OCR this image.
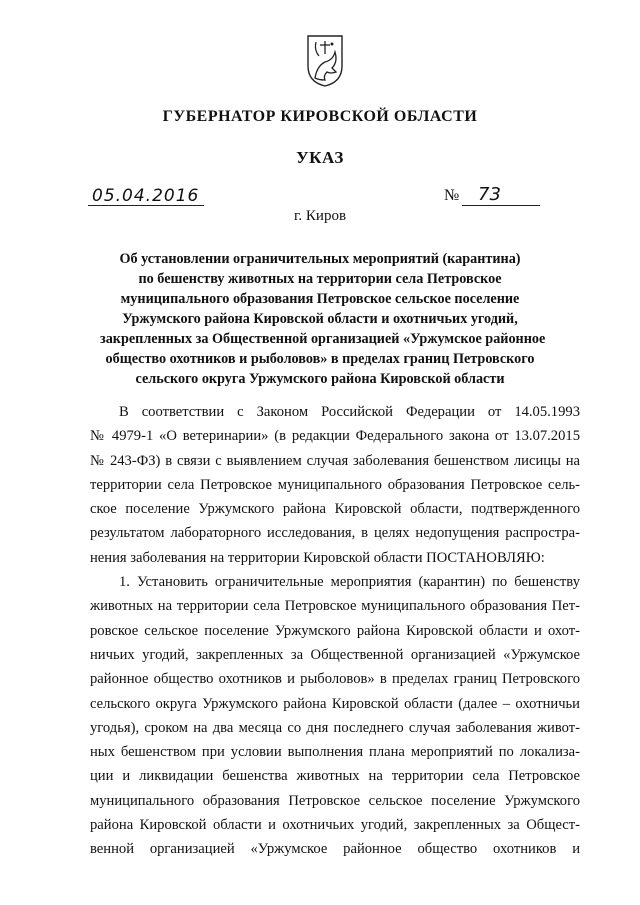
ГУБЕРНАТОР КИРОВСКОЙ ОБЛАСТИ
УКАЗ
05.04.2016	№ 73
г. Киров
Об установлении ограничительных мероприятий (карантина)
по бешенству животных на территории села Петровское
муниципального образования Петровское сельское поселение
Уржумского района Кировской области и охотничьих угодий,
закрепленных за Общественной организацией «Уржумское районное
общество охотников и рыболовов» в пределах границ Петровского
сельского округа Уржумского района Кировской области
В соответствии с Законом Российской Федерации от 14.05.1993
№ 4979-1 «О ветеринарии» (в редакции Федерального закона от 13.07.2015
№ 243-ФЗ) в связи с выявлением случая заболевания бешенством лисицы на
территории села Петровское муниципального образования Петровское сель-
ское поселение Уржумского района Кировской области, подтвержденного
результатом лабораторного исследования, в целях недопущения распростра-
нения заболевания на территории Кировской области ПОСТАНОВЛЯЮ:
1. Установить ограничительные мероприятия (карантин) по бешенству
животных на территории села Петровское муниципального образования Пет-
ровское сельское поселение Уржумского района Кировской области и охот-
ничьих угодий, закрепленных за Общественной организацией «Уржумское
районное общество охотников и рыболовов» в пределах границ Петровского
сельского округа Уржумского района Кировской области (далее – охотничьи
угодья), сроком на два месяца со дня последнего случая заболевания живот-
ных бешенством при условии выполнения плана мероприятий по локализа-
ции и ликвидации бешенства животных на территории села Петровское
муниципального образования Петровское сельское поселение Уржумского
района Кировской области и охотничьих угодий, закрепленных за Общест-
венной организацией «Уржумское районное общество охотников и
